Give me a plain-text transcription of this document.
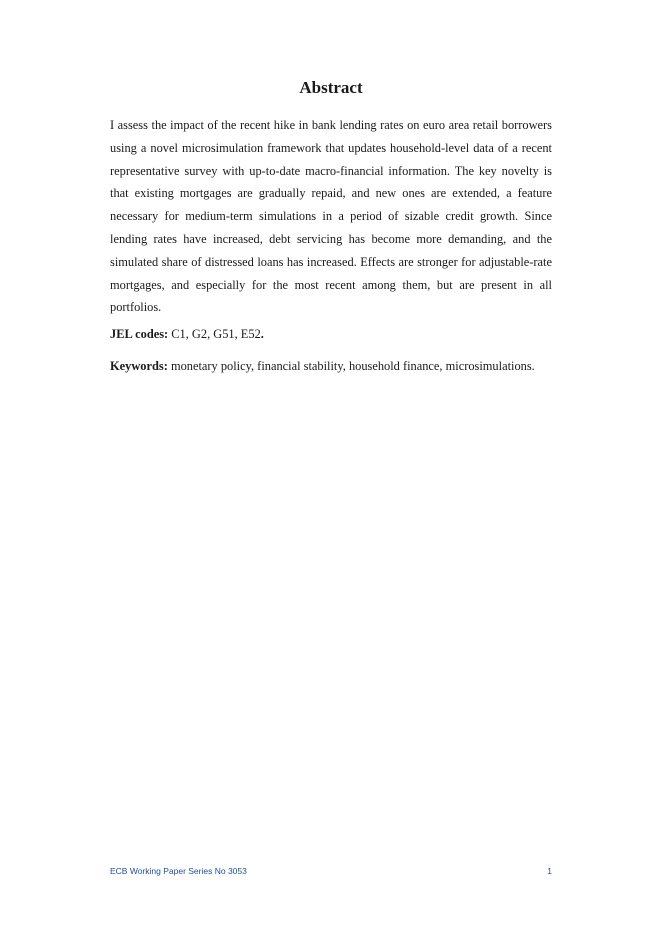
Abstract

I assess the impact of the recent hike in bank lending rates on euro area retail borrowers using a novel microsimulation framework that updates household-level data of a recent representative survey with up-to-date macro-financial information. The key novelty is that existing mortgages are gradually repaid, and new ones are extended, a feature necessary for medium-term simulations in a period of sizable credit growth. Since lending rates have increased, debt servicing has become more demanding, and the simulated share of distressed loans has increased. Effects are stronger for adjustable-rate mortgages, and especially for the most recent among them, but are present in all portfolios.

JEL codes: C1, G2, G51, E52.

Keywords: monetary policy, financial stability, household finance, microsimulations.

ECB Working Paper Series No 3053	1
